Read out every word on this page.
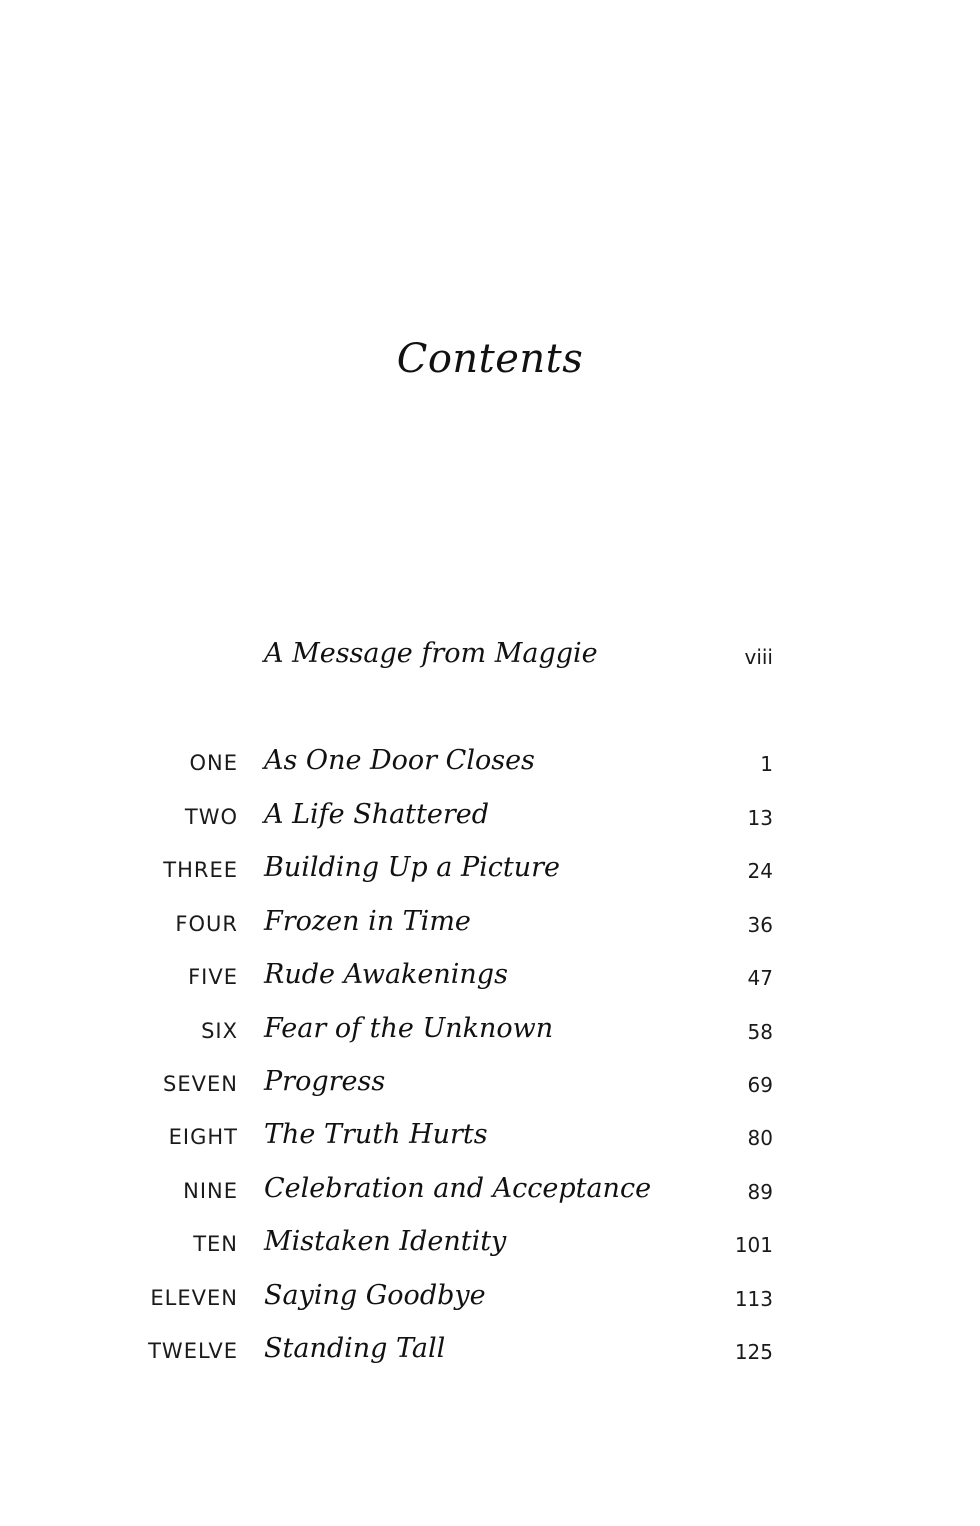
Contents
A Message from Maggie	viii
ONE As One Door Closes	1
TWO A Life Shattered	13
THREE Building Up a Picture	24
FOUR Frozen in Time	36
FIVE Rude Awakenings	47
SIX Fear of the Unknown	58
SEVEN Progress	69
EIGHT The Truth Hurts	80
NINE Celebration and Acceptance	89
TEN Mistaken Identity	101
ELEVEN Saying Goodbye	113
TWELVE Standing Tall	125
